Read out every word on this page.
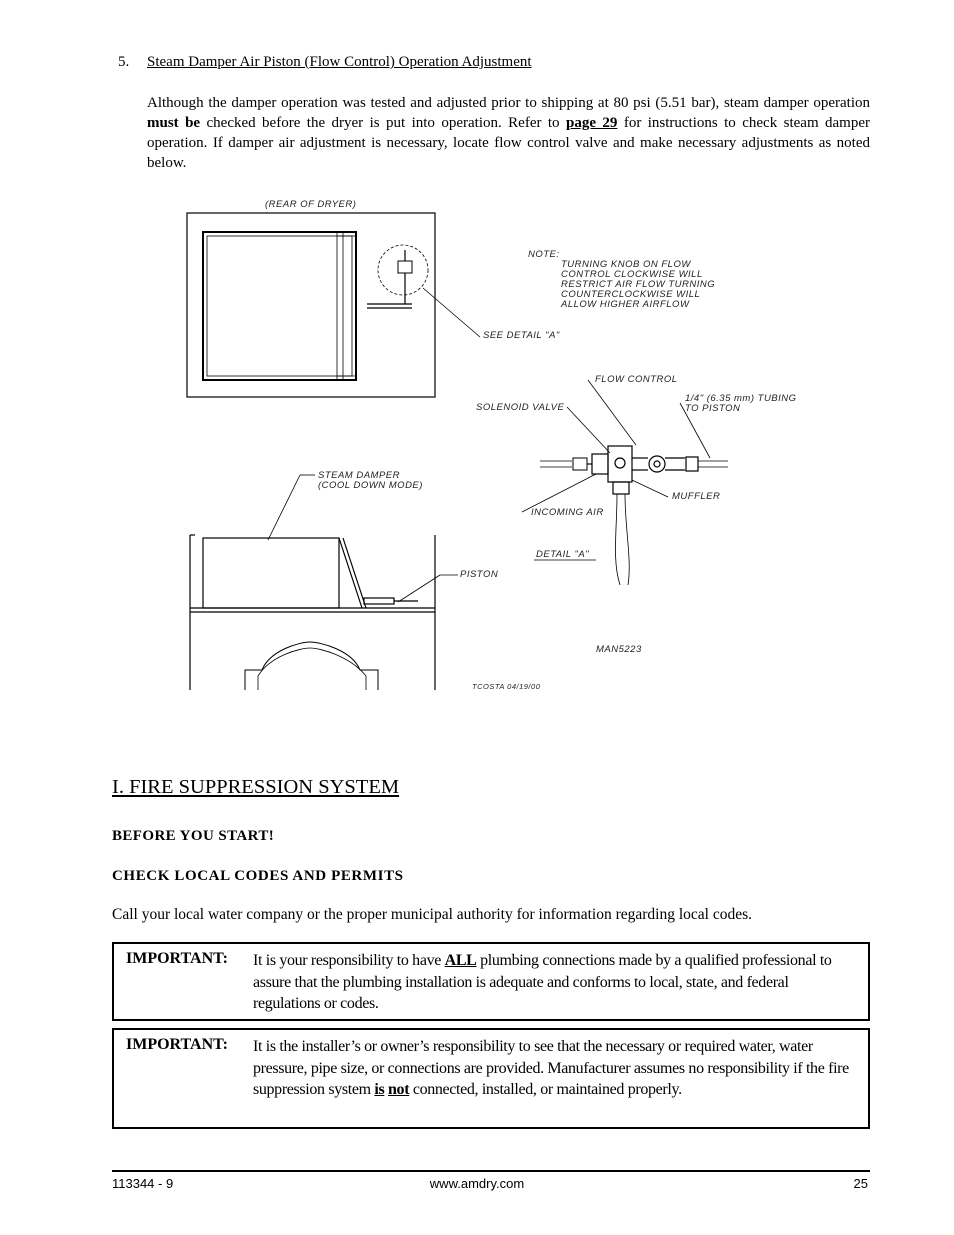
5. Steam Damper Air Piston (Flow Control) Operation Adjustment
Although the damper operation was tested and adjusted prior to shipping at 80 psi (5.51 bar), steam damper operation must be checked before the dryer is put into operation. Refer to page 29 for instructions to check steam damper operation. If damper air adjustment is necessary, locate flow control valve and make necessary adjustments as noted below.
(REAR OF DRYER)
NOTE:
TURNING KNOB ON FLOW
CONTROL CLOCKWISE WILL
RESTRICT AIR FLOW TURNING
COUNTERCLOCKWISE WILL
ALLOW HIGHER AIRFLOW
SEE DETAIL "A"
FLOW CONTROL
SOLENOID VALVE
1/4" (6.35 mm) TUBING
TO PISTON
MUFFLER
INCOMING AIR
DETAIL "A"
STEAM DAMPER
(COOL DOWN MODE)
PISTON
MAN5223
TCOSTA 04/19/00
I. FIRE SUPPRESSION SYSTEM
BEFORE YOU START!
CHECK LOCAL CODES AND PERMITS
Call your local water company or the proper municipal authority for information regarding local codes.
IMPORTANT: It is your responsibility to have ALL plumbing connections made by a qualified professional to assure that the plumbing installation is adequate and conforms to local, state, and federal regulations or codes.
IMPORTANT: It is the installer’s or owner’s responsibility to see that the necessary or required water, water pressure, pipe size, or connections are provided. Manufacturer assumes no responsibility if the fire suppression system is not connected, installed, or maintained properly.
113344 - 9	www.amdry.com	25
